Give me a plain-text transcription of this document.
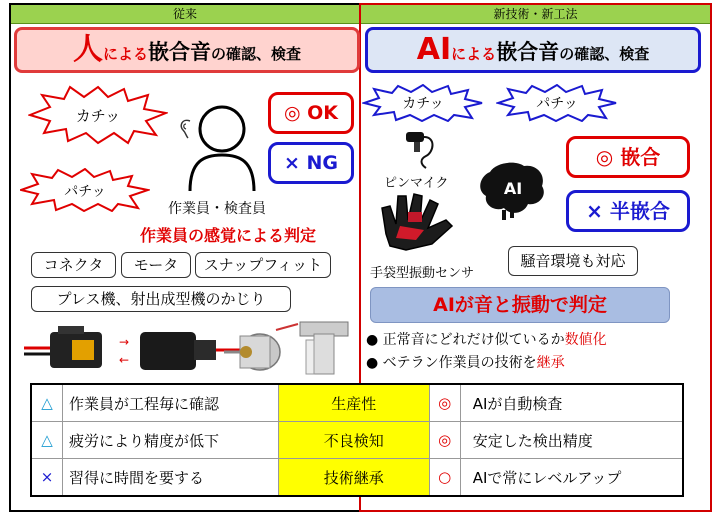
従来	新技術・新工法
人による嵌合音の確認、検査	AIによる嵌合音の確認、検査
カチッ
パチッ
◎ OK
× NG
作業員・検査員
作業員の感覚による判定
コネクタ	モータ	スナップフィット
プレス機、射出成型機のかじり
→
←
カチッ	パチッ
ピンマイク
手袋型振動センサ
AI
◎ 嵌合
× 半嵌合
騒音環境も対応
AIが音と振動で判定
● 正常音にどれだけ似ているか数値化
● ベテラン作業員の技術を継承
△	作業員が工程毎に確認	生産性	◎	AIが自動検査
△	疲労により精度が低下	不良検知	◎	安定した検出精度
×	習得に時間を要する	技術継承	○	AIで常にレベルアップ
